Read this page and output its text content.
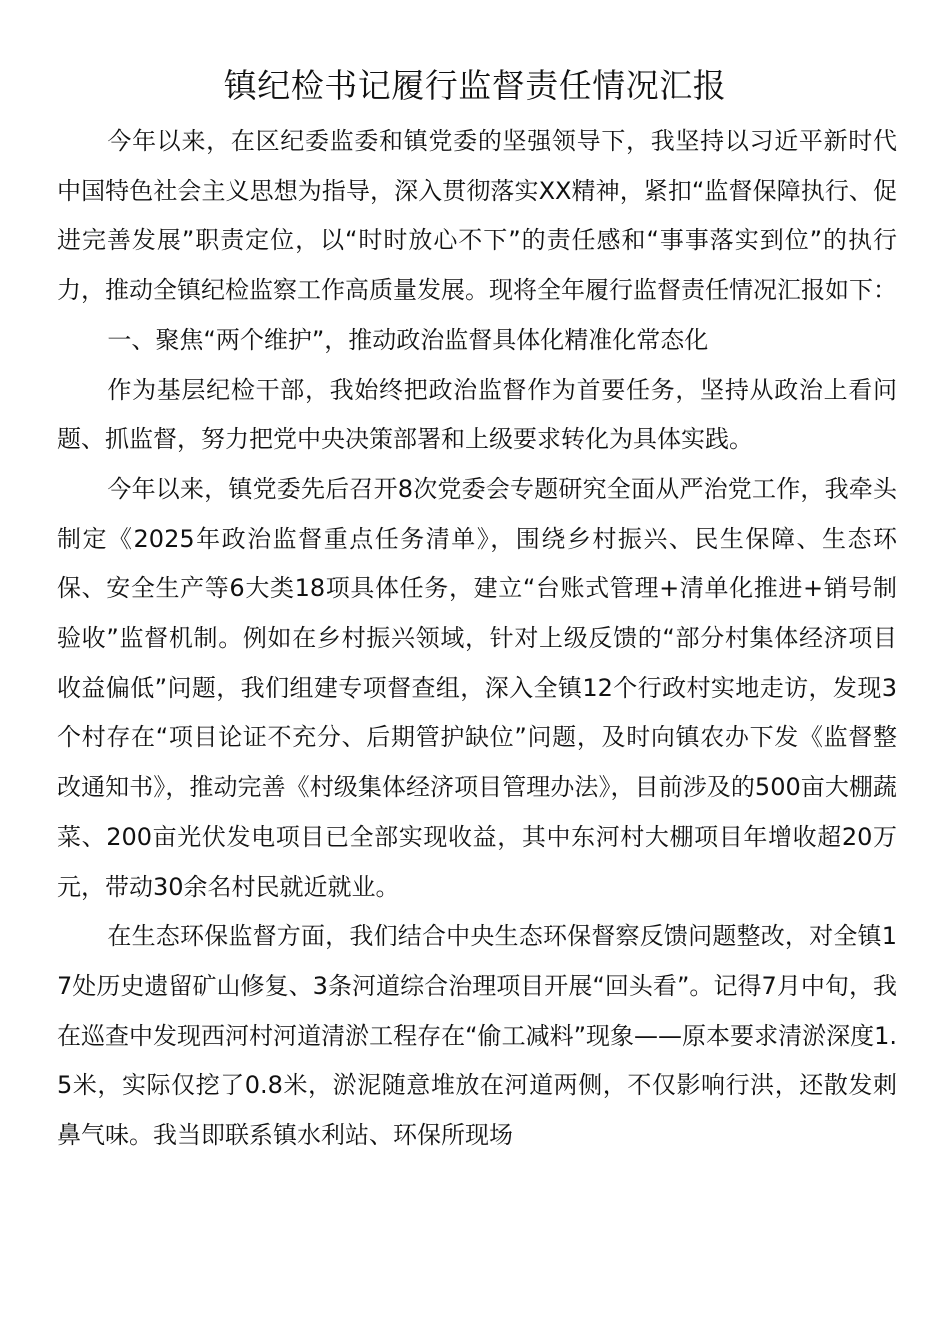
镇纪检书记履行监督责任情况汇报

今年以来，在区纪委监委和镇党委的坚强领导下，我坚持以习近平新时代中国特色社会主义思想为指导，深入贯彻落实XX精神，紧扣“监督保障执行、促进完善发展”职责定位，以“时时放心不下”的责任感和“事事落实到位”的执行力，推动全镇纪检监察工作高质量发展。现将全年履行监督责任情况汇报如下：

一、聚焦“两个维护”，推动政治监督具体化精准化常态化

作为基层纪检干部，我始终把政治监督作为首要任务，坚持从政治上看问题、抓监督，努力把党中央决策部署和上级要求转化为具体实践。

今年以来，镇党委先后召开8次党委会专题研究全面从严治党工作，我牵头制定《2025年政治监督重点任务清单》，围绕乡村振兴、民生保障、生态环保、安全生产等6大类18项具体任务，建立“台账式管理+清单化推进+销号制验收”监督机制。例如在乡村振兴领域，针对上级反馈的“部分村集体经济项目收益偏低”问题，我们组建专项督查组，深入全镇12个行政村实地走访，发现3个村存在“项目论证不充分、后期管护缺位”问题，及时向镇农办下发《监督整改通知书》，推动完善《村级集体经济项目管理办法》，目前涉及的500亩大棚蔬菜、200亩光伏发电项目已全部实现收益，其中东河村大棚项目年增收超20万元，带动30余名村民就近就业。

在生态环保监督方面，我们结合中央生态环保督察反馈问题整改，对全镇17处历史遗留矿山修复、3条河道综合治理项目开展“回头看”。记得7月中旬，我在巡查中发现西河村河道清淤工程存在“偷工减料”现象——原本要求清淤深度1.5米，实际仅挖了0.8米，淤泥随意堆放在河道两侧，不仅影响行洪，还散发刺鼻气味。我当即联系镇水利站、环保所现场
